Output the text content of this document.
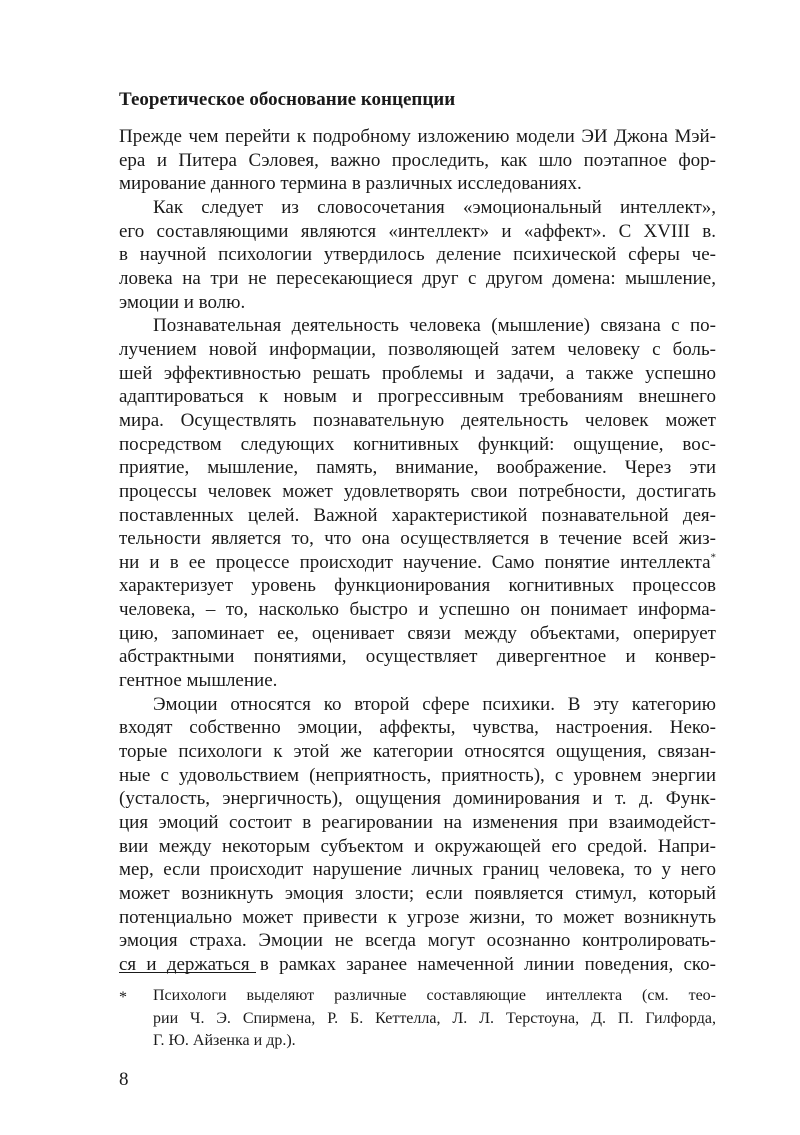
Теоретическое обоснование концепции
Прежде чем перейти к подробному изложению модели ЭИ Джона Мэй-
ера и Питера Сэловея, важно проследить, как шло поэтапное фор-
мирование данного термина в различных исследованиях.
Как следует из словосочетания «эмоциональный интеллект»,
его составляющими являются «интеллект» и «аффект». С XVIII в.
в научной психологии утвердилось деление психической сферы че-
ловека на три не пересекающиеся друг с другом домена: мышление,
эмоции и волю.
Познавательная деятельность человека (мышление) связана с по-
лучением новой информации, позволяющей затем человеку с боль-
шей эффективностью решать проблемы и задачи, а также успешно
адаптироваться к новым и прогрессивным требованиям внешнего
мира. Осуществлять познавательную деятельность человек может
посредством следующих когнитивных функций: ощущение, вос-
приятие, мышление, память, внимание, воображение. Через эти
процессы человек может удовлетворять свои потребности, достигать
поставленных целей. Важной характеристикой познавательной дея-
тельности является то, что она осуществляется в течение всей жиз-
ни и в ее процессе происходит научение. Само понятие интеллекта*
характеризует уровень функционирования когнитивных процессов
человека, – то, насколько быстро и успешно он понимает информа-
цию, запоминает ее, оценивает связи между объектами, оперирует
абстрактными понятиями, осуществляет дивергентное и конвер-
гентное мышление.
Эмоции относятся ко второй сфере психики. В эту категорию
входят собственно эмоции, аффекты, чувства, настроения. Неко-
торые психологи к этой же категории относятся ощущения, связан-
ные с удовольствием (неприятность, приятность), с уровнем энергии
(усталость, энергичность), ощущения доминирования и т. д. Функ-
ция эмоций состоит в реагировании на изменения при взаимодейст-
вии между некоторым субъектом и окружающей его средой. Напри-
мер, если происходит нарушение личных границ человека, то у него
может возникнуть эмоция злости; если появляется стимул, который
потенциально может привести к угрозе жизни, то может возникнуть
эмоция страха. Эмоции не всегда могут осознанно контролировать-
ся и держаться в рамках заранее намеченной линии поведения, ско-
* Психологи выделяют различные составляющие интеллекта (см. тео-
рии Ч. Э. Спирмена, Р. Б. Кеттелла, Л. Л. Терстоуна, Д. П. Гилфорда,
Г. Ю. Айзенка и др.).
8
